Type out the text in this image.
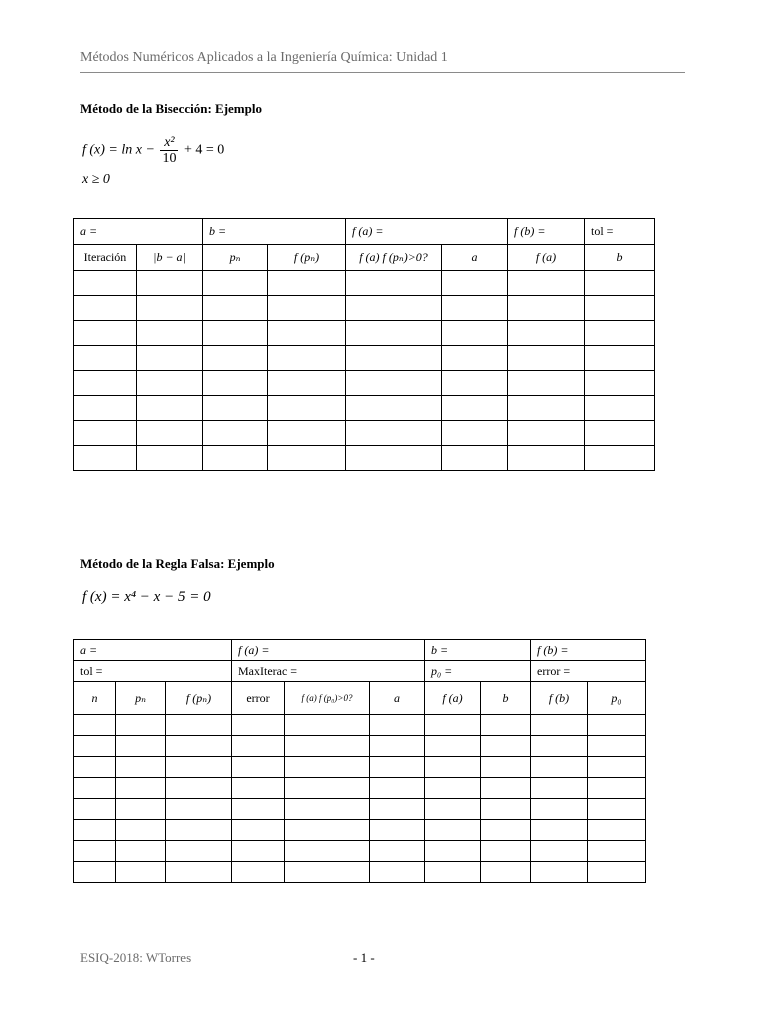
Métodos Numéricos Aplicados a la Ingeniería Química: Unidad 1
Método de la Bisección: Ejemplo
f $(x) = \ln x - \frac{\text{x²}}{10} + 4 = 0$
x ≥ 0
a =		b =		f (a) =		f (b) =	tol =
Iteración	|b − a|	pₙ	f (pₙ)	f (a) f (pₙ)>0?	a	f (a)	b

Método de la Regla Falsa: Ejemplo
f (x) = x⁴ − x − 5 = 0
a =			f (a) =			b =		f (b) =	
tol =			MaxIterac =			p₀ =		error =	
n	pₙ	f (pₙ)	error	f (a) f (p₀)>0?	a	f (a)	b	f (b)	p₀

ESIQ-2018: WTorres	- 1 -
